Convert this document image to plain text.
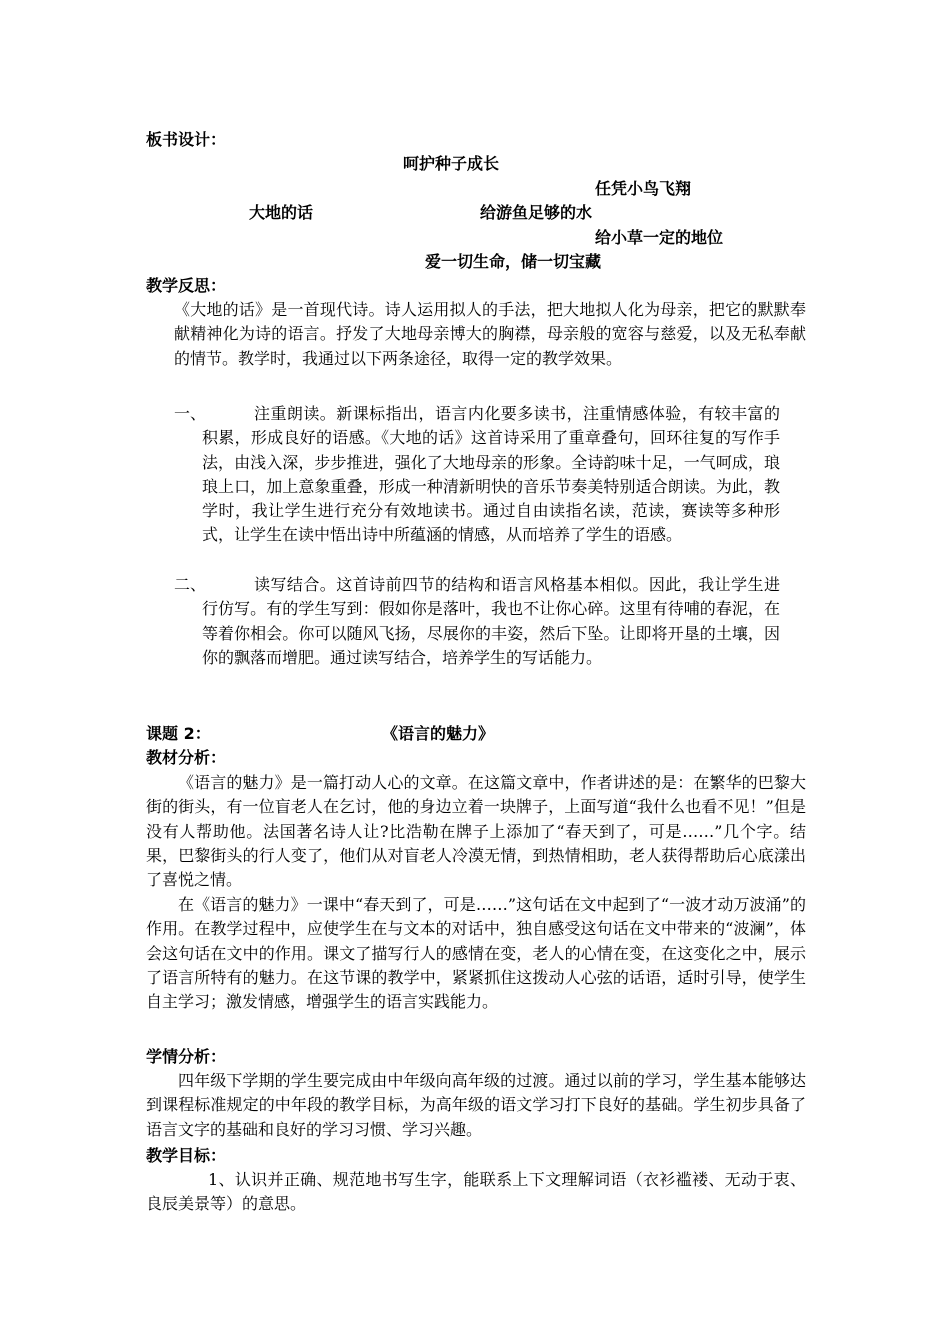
板书设计：
呵护种子成长
任凭小鸟飞翔
大地的话	给游鱼足够的水
给小草一定的地位
爱一切生命，储一切宝藏
教学反思：

《大地的话》是一首现代诗。诗人运用拟人的手法，把大地拟人化为母亲，把它的默默奉献精神化为诗的语言。抒发了大地母亲博大的胸襟，母亲般的宽容与慈爱，以及无私奉献的情节。教学时，我通过以下两条途径，取得一定的教学效果。

一、	注重朗读。新课标指出，语言内化要多读书，注重情感体验，有较丰富的积累，形成良好的语感。《大地的话》这首诗采用了重章叠句，回环往复的写作手法，由浅入深，步步推进，强化了大地母亲的形象。全诗韵味十足，一气呵成，琅琅上口，加上意象重叠，形成一种清新明快的音乐节奏美特别适合朗读。为此，教学时，我让学生进行充分有效地读书。通过自由读指名读，范读，赛读等多种形式，让学生在读中悟出诗中所蕴涵的情感，从而培养了学生的语感。
二、	读写结合。这首诗前四节的结构和语言风格基本相似。因此，我让学生进行仿写。有的学生写到：假如你是落叶，我也不让你心碎。这里有待哺的春泥，在等着你相会。你可以随风飞扬，尽展你的丰姿，然后下坠。让即将开垦的土壤，因你的飘落而增肥。通过读写结合，培养学生的写话能力。
课题 2：	《语言的魅力》
教材分析：

《语言的魅力》是一篇打动人心的文章。在这篇文章中，作者讲述的是：在繁华的巴黎大街的街头，有一位盲老人在乞讨，他的身边立着一块牌子，上面写道“我什么也看不见！”但是没有人帮助他。法国著名诗人让?比浩勒在牌子上添加了“春天到了，可是……”几个字。结果，巴黎街头的行人变了，他们从对盲老人冷漠无情，到热情相助，老人获得帮助后心底漾出了喜悦之情。

在《语言的魅力》一课中“春天到了，可是……”这句话在文中起到了“一波才动万波涌”的作用。在教学过程中，应使学生在与文本的对话中，独自感受这句话在文中带来的“波澜”，体会这句话在文中的作用。课文了描写行人的感情在变，老人的心情在变，在这变化之中，展示了语言所特有的魅力。在这节课的教学中，紧紧抓住这拨动人心弦的话语，适时引导，使学生自主学习；激发情感，增强学生的语言实践能力。

学情分析：

四年级下学期的学生要完成由中年级向高年级的过渡。通过以前的学习，学生基本能够达到课程标准规定的中年段的教学目标，为高年级的语文学习打下良好的基础。学生初步具备了语言文字的基础和良好的学习习惯、学习兴趣。

教学目标：

1、认识并正确、规范地书写生字，能联系上下文理解词语（衣衫褴褛、无动于衷、良辰美景等）的意思。
